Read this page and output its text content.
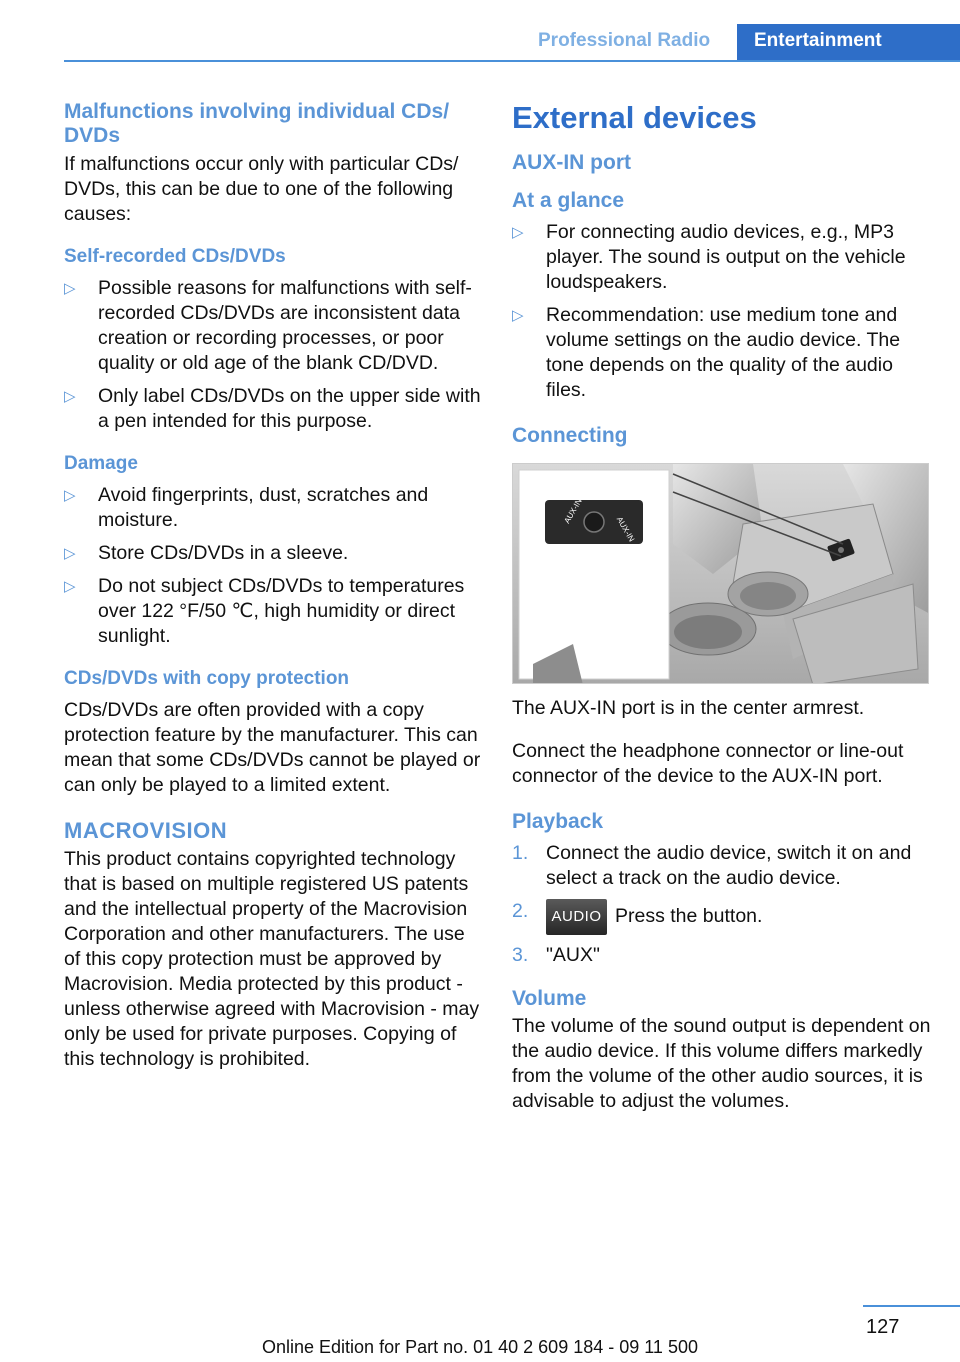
Professional Radio	Entertainment
Malfunctions involving individual CDs/ DVDs

If malfunctions occur only with particular CDs/ DVDs, this can be due to one of the following causes:

Self-recorded CDs/DVDs
▷ Possible reasons for malfunctions with self-recorded CDs/DVDs are inconsistent data creation or recording processes, or poor quality or old age of the blank CD/DVD.
▷ Only label CDs/DVDs on the upper side with a pen intended for this purpose.
Damage
▷ Avoid fingerprints, dust, scratches and moisture.
▷ Store CDs/DVDs in a sleeve.
▷ Do not subject CDs/DVDs to temperatures over 122 °F/50 ℃, high humidity or direct sunlight.
CDs/DVDs with copy protection

CDs/DVDs are often provided with a copy protection feature by the manufacturer. This can mean that some CDs/DVDs cannot be played or can only be played to a limited extent.

MACROVISION

This product contains copyrighted technology that is based on multiple registered US patents and the intellectual property of the Macrovision Corporation and other manufacturers. The use of this copy protection must be approved by Macrovision. Media protected by this product - unless otherwise agreed with Macrovision - may only be used for private purposes. Copying of this technology is prohibited.

External devices
AUX-IN port
At a glance
▷ For connecting audio devices, e.g., MP3 player. The sound is output on the vehicle loudspeakers.
▷ Recommendation: use medium tone and volume settings on the audio device. The tone depends on the quality of the audio files.
Connecting
AUX-IN
AUX-IN

The AUX-IN port is in the center armrest.

Connect the headphone connector or line-out connector of the device to the AUX-IN port.

Playback
1. Connect the audio device, switch it on and select a track on the audio device.
2. AUDIO Press the button.
3. "AUX"
Volume

The volume of the sound output is dependent on the audio device. If this volume differs markedly from the volume of the other audio sources, it is advisable to adjust the volumes.

127
Online Edition for Part no. 01 40 2 609 184 - 09 11 500
